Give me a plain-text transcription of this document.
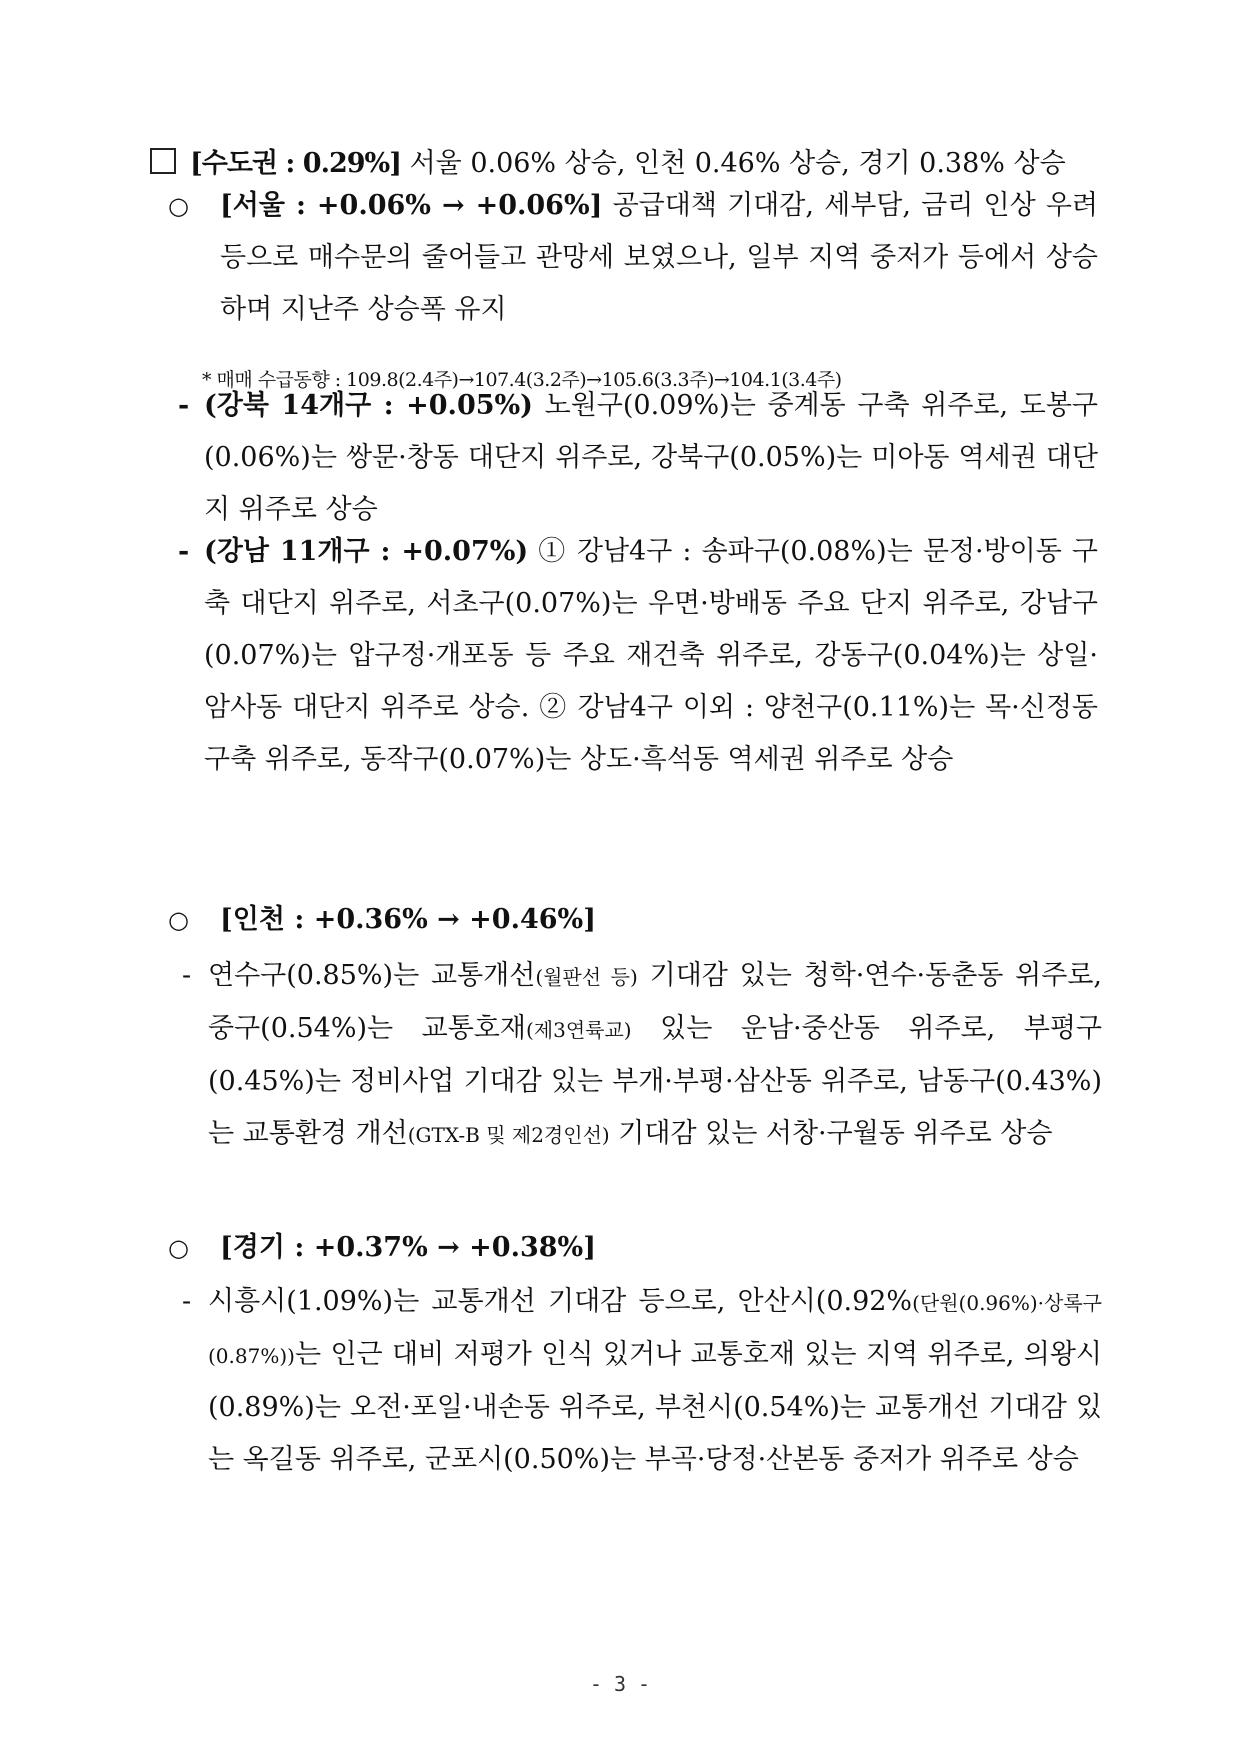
[수도권 : 0.29%] 서울 0.06% 상승, 인천 0.46% 상승, 경기 0.38% 상승
○	[서울 : +0.06% → +0.06%] 공급대책 기대감, 세부담, 금리 인상 우려 등으로 매수문의 줄어들고 관망세 보였으나, 일부 지역 중저가 등에서 상승하며 지난주 상승폭 유지
* 매매 수급동향 : 109.8(2.4주)→107.4(3.2주)→105.6(3.3주)→104.1(3.4주)
- (강북 14개구 : +0.05%) 노원구(0.09%)는 중계동 구축 위주로, 도봉구(0.06%)는 쌍문·창동 대단지 위주로, 강북구(0.05%)는 미아동 역세권 대단지 위주로 상승
- (강남 11개구 : +0.07%) ① 강남4구 : 송파구(0.08%)는 문정·방이동 구축 대단지 위주로, 서초구(0.07%)는 우면·방배동 주요 단지 위주로, 강남구(0.07%)는 압구정·개포동 등 주요 재건축 위주로, 강동구(0.04%)는 상일·암사동 대단지 위주로 상승. ② 강남4구 이외 : 양천구(0.11%)는 목·신정동 구축 위주로, 동작구(0.07%)는 상도·흑석동 역세권 위주로 상승
○	[인천 : +0.36% → +0.46%]
- 연수구(0.85%)는 교통개선(월판선 등) 기대감 있는 청학·연수·동춘동 위주로, 중구(0.54%)는 교통호재(제3연륙교) 있는 운남·중산동 위주로, 부평구(0.45%)는 정비사업 기대감 있는 부개·부평·삼산동 위주로, 남동구(0.43%)는 교통환경 개선(GTX-B 및 제2경인선) 기대감 있는 서창·구월동 위주로 상승
○	[경기 : +0.37% → +0.38%]
- 시흥시(1.09%)는 교통개선 기대감 등으로, 안산시(0.92%(단원(0.96%)·상록구(0.87%))는 인근 대비 저평가 인식 있거나 교통호재 있는 지역 위주로, 의왕시(0.89%)는 오전·포일·내손동 위주로, 부천시(0.54%)는 교통개선 기대감 있는 옥길동 위주로, 군포시(0.50%)는 부곡·당정·산본동 중저가 위주로 상승
- 3 -
